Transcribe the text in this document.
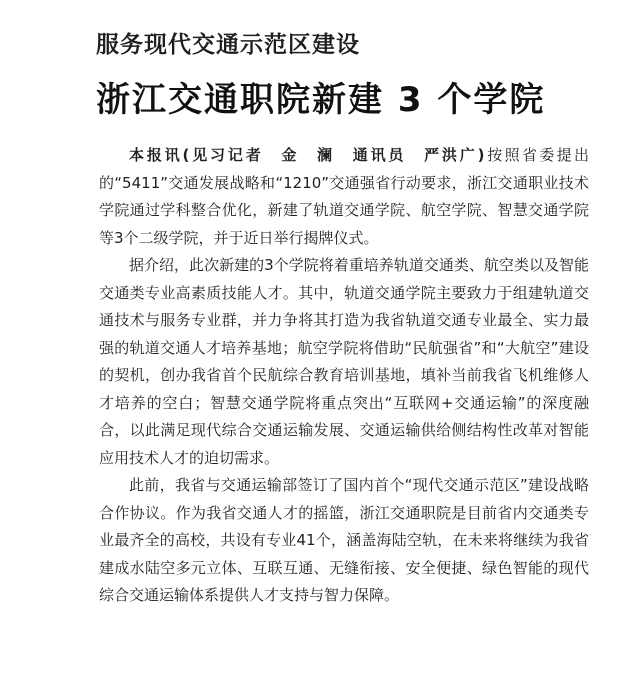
服务现代交通示范区建设
浙江交通职院新建 3 个学院

本报讯(见习记者　金　澜　通讯员　严洪广)按照省委提出的“5411”交通发展战略和“1210”交通强省行动要求，浙江交通职业技术学院通过学科整合优化，新建了轨道交通学院、航空学院、智慧交通学院等3个二级学院，并于近日举行揭牌仪式。

据介绍，此次新建的3个学院将着重培养轨道交通类、航空类以及智能交通类专业高素质技能人才。其中，轨道交通学院主要致力于组建轨道交通技术与服务专业群，并力争将其打造为我省轨道交通专业最全、实力最强的轨道交通人才培养基地；航空学院将借助“民航强省”和“大航空”建设的契机，创办我省首个民航综合教育培训基地，填补当前我省飞机维修人才培养的空白；智慧交通学院将重点突出“互联网+交通运输”的深度融合，以此满足现代综合交通运输发展、交通运输供给侧结构性改革对智能应用技术人才的迫切需求。

此前，我省与交通运输部签订了国内首个“现代交通示范区”建设战略合作协议。作为我省交通人才的摇篮，浙江交通职院是目前省内交通类专业最齐全的高校，共设有专业41个，涵盖海陆空轨，在未来将继续为我省建成水陆空多元立体、互联互通、无缝衔接、安全便捷、绿色智能的现代综合交通运输体系提供人才支持与智力保障。
